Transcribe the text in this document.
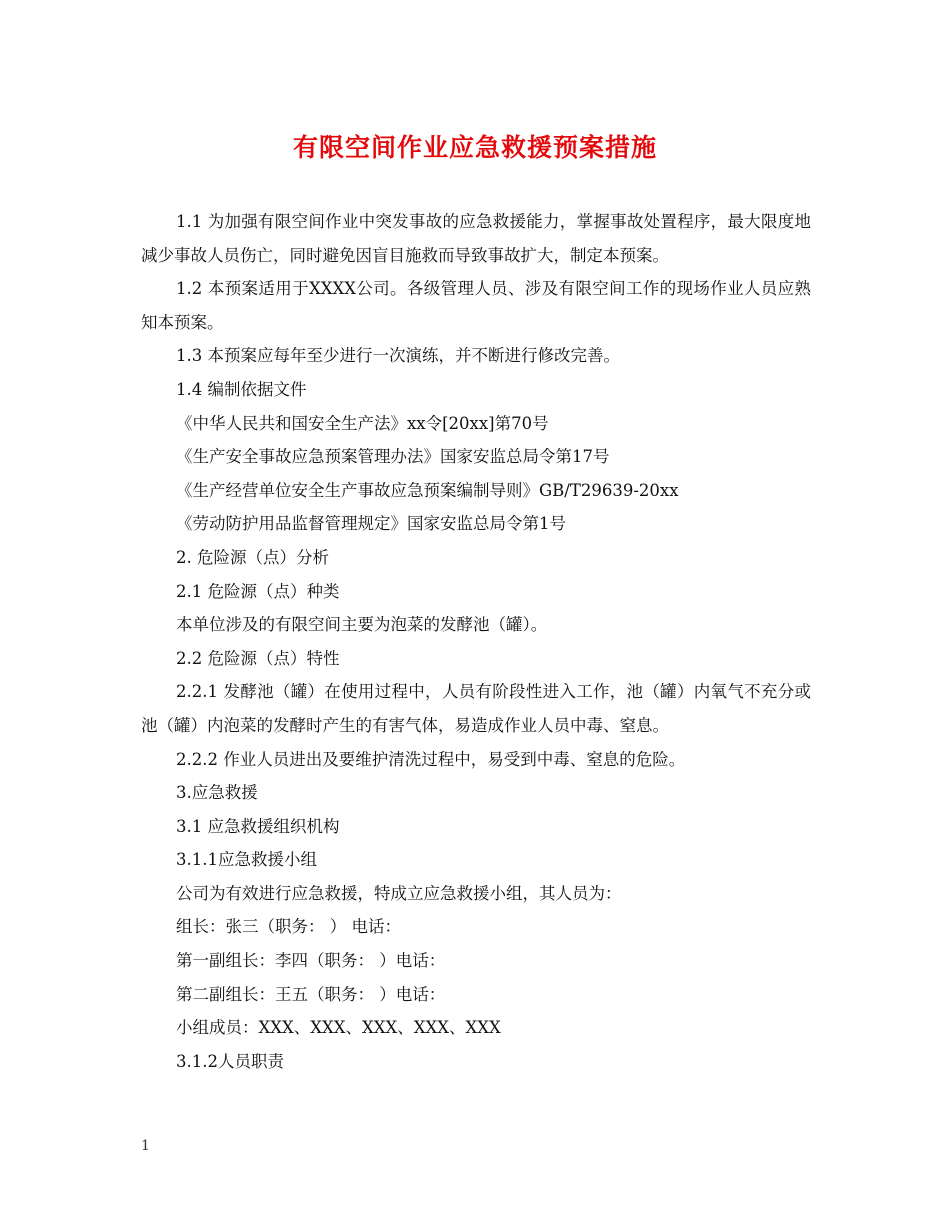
有限空间作业应急救援预案措施

1.1 为加强有限空间作业中突发事故的应急救援能力，掌握事故处置程序，最大限度地减少事故人员伤亡，同时避免因盲目施救而导致事故扩大，制定本预案。

1.2 本预案适用于XXXX公司。各级管理人员、涉及有限空间工作的现场作业人员应熟知本预案。

1.3 本预案应每年至少进行一次演练，并不断进行修改完善。

1.4 编制依据文件

《中华人民共和国安全生产法》xx令[20xx]第70号

《生产安全事故应急预案管理办法》国家安监总局令第17号

《生产经营单位安全生产事故应急预案编制导则》GB/T29639-20xx

《劳动防护用品监督管理规定》国家安监总局令第1号

2. 危险源（点）分析

2.1 危险源（点）种类

本单位涉及的有限空间主要为泡菜的发酵池（罐）。

2.2 危险源（点）特性

2.2.1 发酵池（罐）在使用过程中，人员有阶段性进入工作，池（罐）内氧气不充分或池（罐）内泡菜的发酵时产生的有害气体，易造成作业人员中毒、窒息。

2.2.2 作业人员进出及要维护清洗过程中，易受到中毒、窒息的危险。

3.应急救援

3.1 应急救援组织机构

3.1.1应急救援小组

公司为有效进行应急救援，特成立应急救援小组，其人员为：

组长：张三（职务： ） 电话：

第一副组长：李四（职务： ）电话：

第二副组长：王五（职务： ）电话：

小组成员：XXX、XXX、XXX、XXX、XXX

3.1.2人员职责

1
